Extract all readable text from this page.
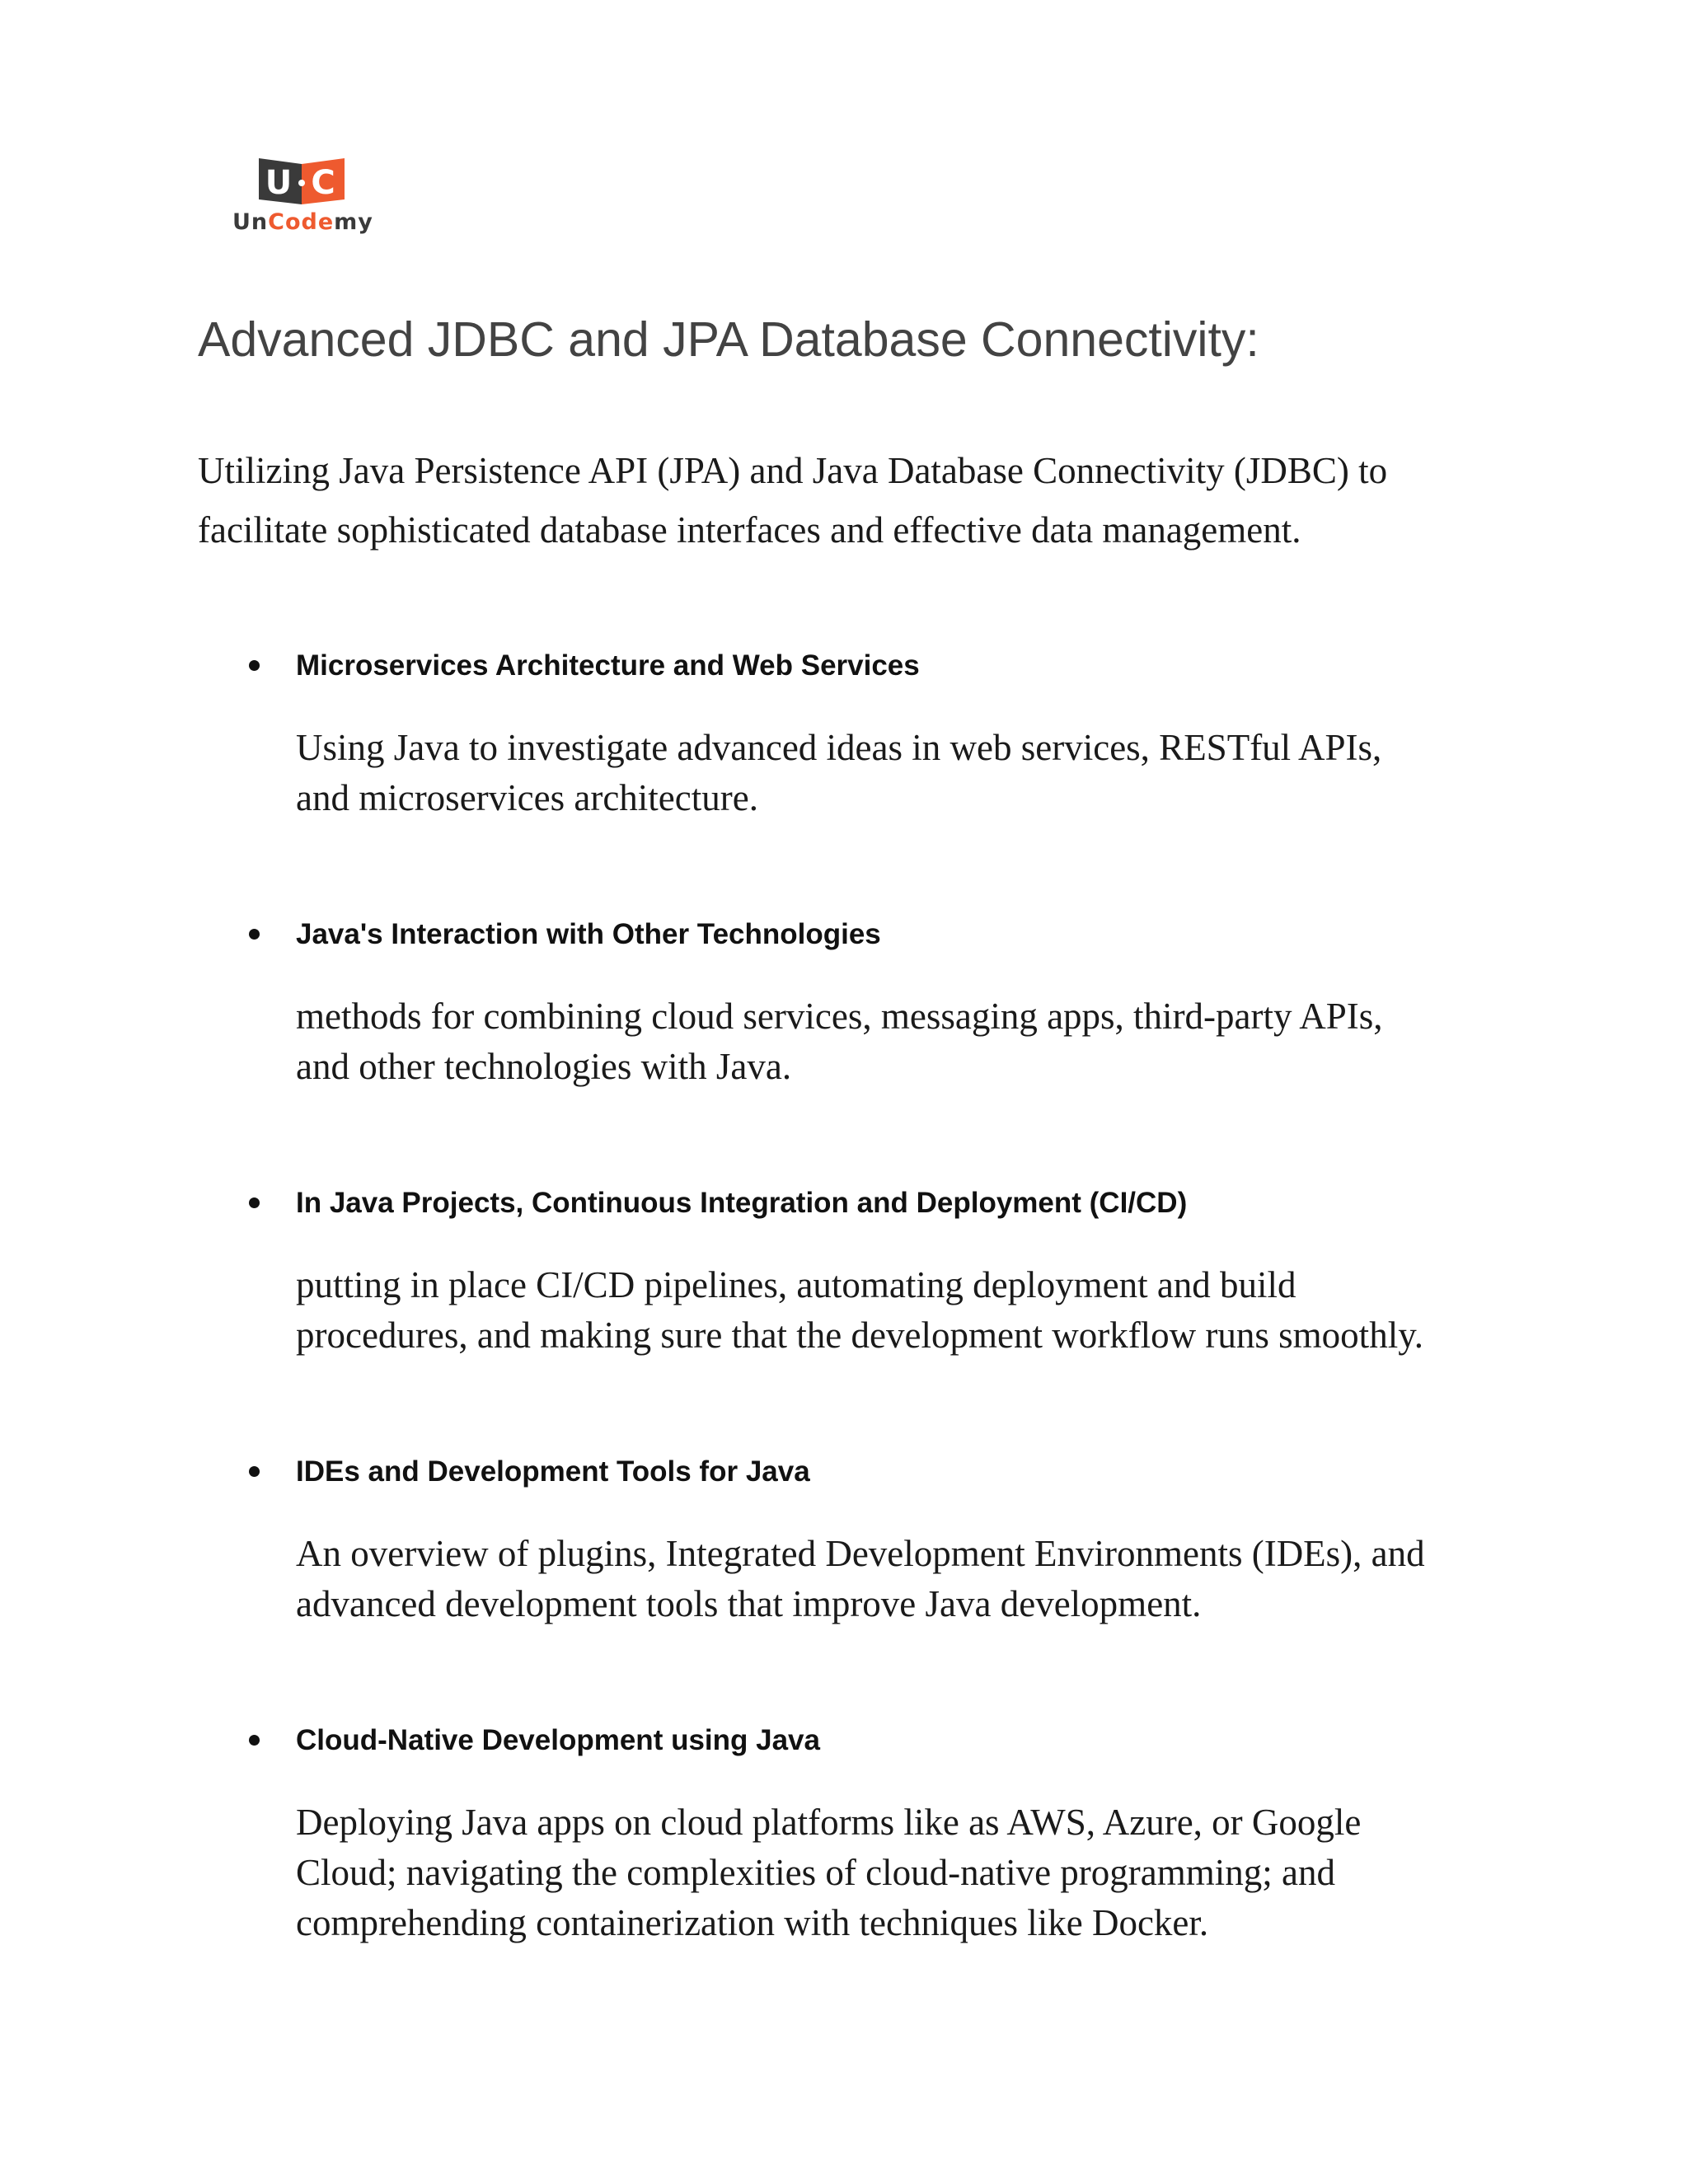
U C
UnCodemy
Advanced JDBC and JPA Database Connectivity:

Utilizing Java Persistence API (JPA) and Java Database Connectivity (JDBC) to facilitate sophisticated database interfaces and effective data management.

Microservices Architecture and Web Services

Using Java to investigate advanced ideas in web services, RESTful APIs,
and microservices architecture.

Java's Interaction with Other Technologies

methods for combining cloud services, messaging apps, third-party APIs,
and other technologies with Java.

In Java Projects, Continuous Integration and Deployment (CI/CD)

putting in place CI/CD pipelines, automating deployment and build
procedures, and making sure that the development workflow runs smoothly.

IDEs and Development Tools for Java

An overview of plugins, Integrated Development Environments (IDEs), and
advanced development tools that improve Java development.

Cloud-Native Development using Java

Deploying Java apps on cloud platforms like as AWS, Azure, or Google
Cloud; navigating the complexities of cloud-native programming; and
comprehending containerization with techniques like Docker.
